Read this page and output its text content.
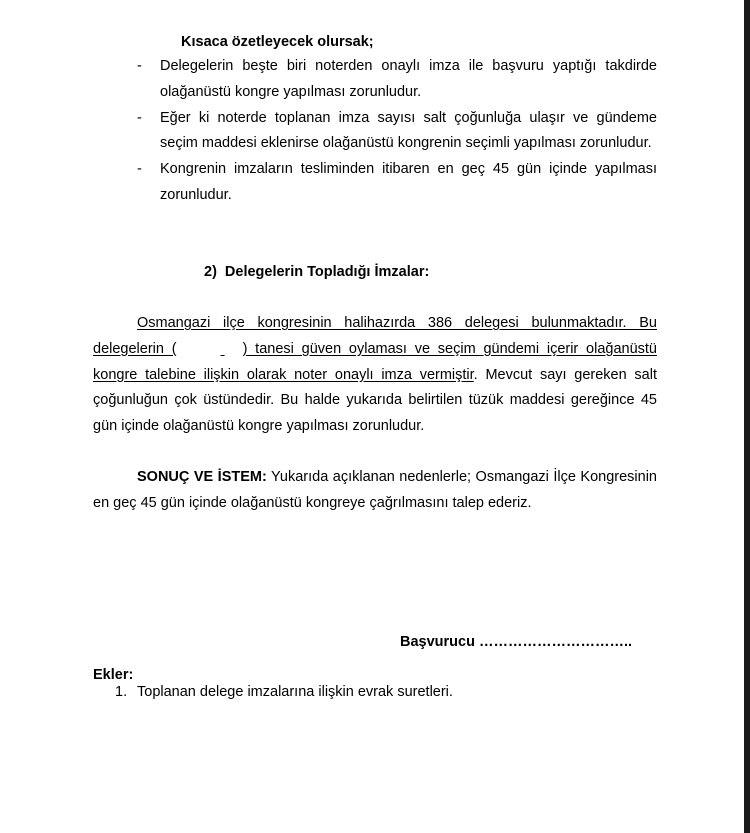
Kısaca özetleyecek olursak;
- Delegelerin beşte biri noterden onaylı imza ile başvuru yaptığı takdirde olağanüstü kongre yapılması zorunludur.
- Eğer ki noterde toplanan imza sayısı salt çoğunluğa ulaşır ve gündeme seçim maddesi eklenirse olağanüstü kongrenin seçimli yapılması zorunludur.
- Kongrenin imzaların tesliminden itibaren en geç 45 gün içinde yapılması zorunludur.
2) Delegelerin Topladığı İmzalar:

Osmangazi ilçe kongresinin halihazırda 386 delegesi bulunmaktadır. Bu delegelerin (	) tanesi güven oylaması ve seçim gündemi içerir olağanüstü kongre talebine ilişkin olarak noter onaylı imza vermiştir. Mevcut sayı gereken salt çoğunluğun çok üstündedir. Bu halde yukarıda belirtilen tüzük maddesi gereğince 45 gün içinde olağanüstü kongre yapılması zorunludur.

SONUÇ VE İSTEM: Yukarıda açıklanan nedenlerle; Osmangazi İlçe Kongresinin en geç 45 gün içinde olağanüstü kongreye çağrılmasını talep ederiz.

Başvurucu …………………………..
Ekler:
1. Toplanan delege imzalarına ilişkin evrak suretleri.
